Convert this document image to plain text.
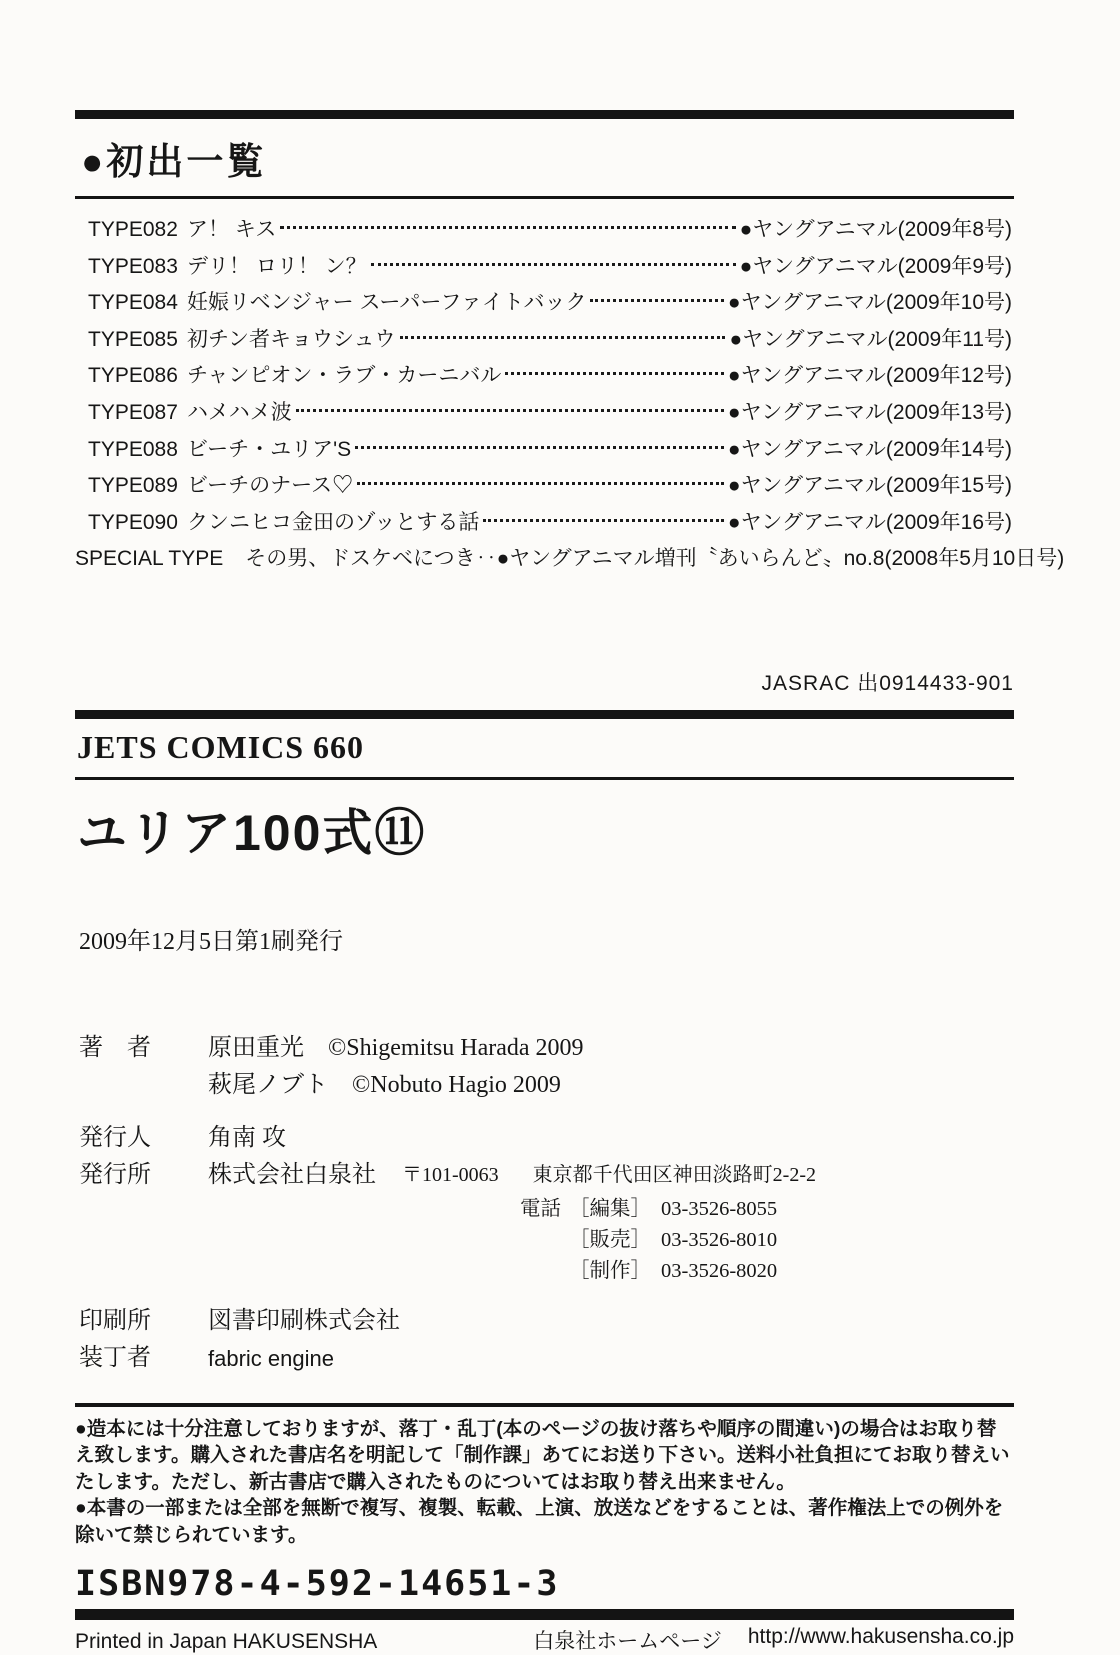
●初出一覧
TYPE082 ア！ キス	●ヤングアニマル(2009年8号)
TYPE083 デリ！ ロリ！ ン？	●ヤングアニマル(2009年9号)
TYPE084 妊娠リベンジャー スーパーファイトバック	●ヤングアニマル(2009年10号)
TYPE085 初チン者キョウシュウ	●ヤングアニマル(2009年11号)
TYPE086 チャンピオン・ラブ・カーニバル	●ヤングアニマル(2009年12号)
TYPE087 ハメハメ波	●ヤングアニマル(2009年13号)
TYPE088 ビーチ・ユリア'S	●ヤングアニマル(2009年14号)
TYPE089 ビーチのナース♡	●ヤングアニマル(2009年15号)
TYPE090 クンニヒコ金田のゾッとする話	●ヤングアニマル(2009年16号)
SPECIAL TYPE その男、ドスケベにつき‥ ●ヤングアニマル増刊〝あいらんど〟no.8(2008年5月10日号)
JASRAC 出0914433-901
JETS COMICS 660
ユリア100式⑪
2009年12月5日第1刷発行
著　者	原田重光　©Shigemitsu Harada 2009
萩尾ノブト　©Nobuto Hagio 2009
発行人	角南 攻
発行所	株式会社白泉社 〒101-0063 東京都千代田区神田淡路町2-2-2
電話 ［編集］ 03-3526-8055
［販売］ 03-3526-8010
［制作］ 03-3526-8020
印刷所	図書印刷株式会社
装丁者	fabric engine

●造本には十分注意しておりますが、落丁・乱丁(本のページの抜け落ちや順序の間違い)の場合はお取り替え致します。購入された書店名を明記して「制作課」あてにお送り下さい。送料小社負担にてお取り替えいたします。ただし、新古書店で購入されたものについてはお取り替え出来ません。

●本書の一部または全部を無断で複写、複製、転載、上演、放送などをすることは、著作権法上での例外を除いて禁じられています。

ISBN978-4-592-14651-3
Printed in Japan HAKUSENSHA	白泉社ホームページ http://www.hakusensha.co.jp
